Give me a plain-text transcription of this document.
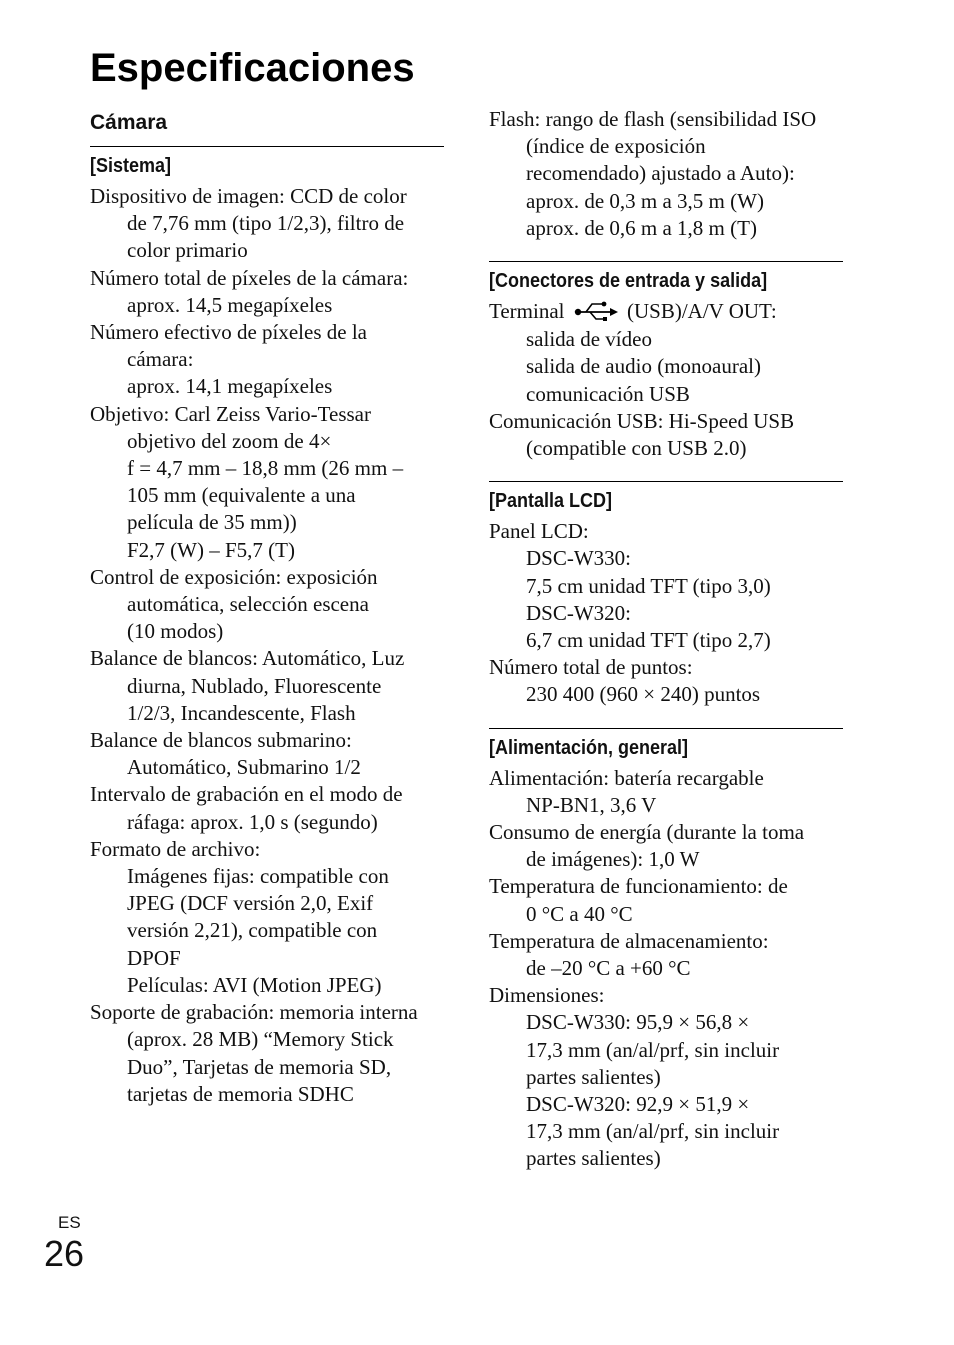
Especificaciones
Cámara
[Sistema]
Dispositivo de imagen: CCD de color
de 7,76 mm (tipo 1/2,3), filtro de
color primario
Número total de píxeles de la cámara:
aprox. 14,5 megapíxeles
Número efectivo de píxeles de la
cámara:
aprox. 14,1 megapíxeles
Objetivo: Carl Zeiss Vario-Tessar
objetivo del zoom de 4×
f = 4,7 mm – 18,8 mm (26 mm –
105 mm (equivalente a una
película de 35 mm))
F2,7 (W) – F5,7 (T)
Control de exposición: exposición
automática, selección escena
(10 modos)
Balance de blancos: Automático, Luz
diurna, Nublado, Fluorescente
1/2/3, Incandescente, Flash
Balance de blancos submarino:
Automático, Submarino 1/2
Intervalo de grabación en el modo de
ráfaga: aprox. 1,0 s (segundo)
Formato de archivo:
Imágenes fijas: compatible con
JPEG (DCF versión 2,0, Exif
versión 2,21), compatible con
DPOF
Películas: AVI (Motion JPEG)
Soporte de grabación: memoria interna
(aprox. 28 MB) “Memory Stick
Duo”, Tarjetas de memoria SD,
tarjetas de memoria SDHC
Flash: rango de flash (sensibilidad ISO
(índice de exposición
recomendado) ajustado a Auto):
aprox. de 0,3 m a 3,5 m (W)
aprox. de 0,6 m a 1,8 m (T)
[Conectores de entrada y salida]
Terminal	(USB)/A/V OUT:
salida de vídeo
salida de audio (monoaural)
comunicación USB
Comunicación USB: Hi-Speed USB
(compatible con USB 2.0)
[Pantalla LCD]
Panel LCD:
DSC-W330:
7,5 cm unidad TFT (tipo 3,0)
DSC-W320:
6,7 cm unidad TFT (tipo 2,7)
Número total de puntos:
230 400 (960 × 240) puntos
[Alimentación, general]
Alimentación: batería recargable
NP-BN1, 3,6 V
Consumo de energía (durante la toma
de imágenes): 1,0 W
Temperatura de funcionamiento: de
0 °C a 40 °C
Temperatura de almacenamiento:
de –20 °C a +60 °C
Dimensiones:
DSC-W330: 95,9 × 56,8 ×
17,3 mm (an/al/prf, sin incluir
partes salientes)
DSC-W320: 92,9 × 51,9 ×
17,3 mm (an/al/prf, sin incluir
partes salientes)
ES
26
